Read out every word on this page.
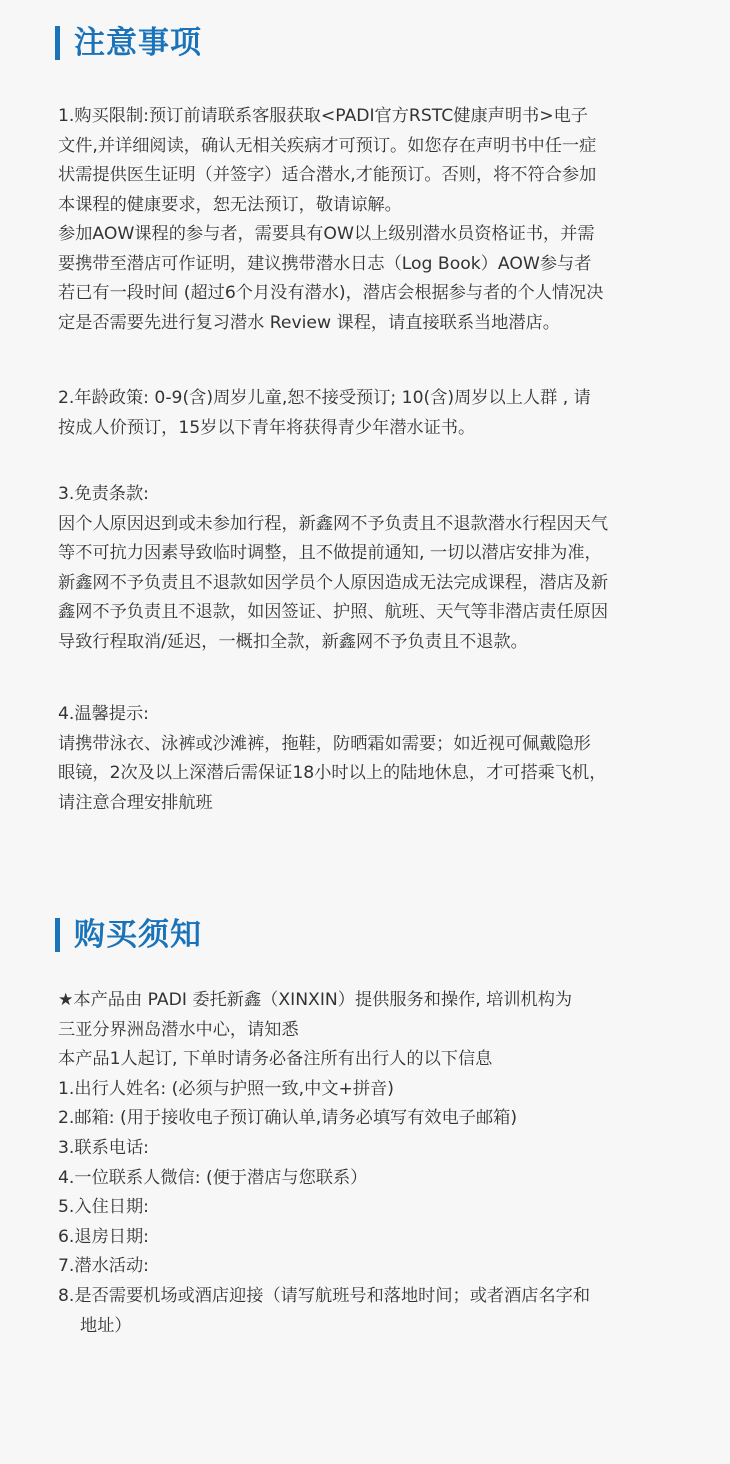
注意事项
1.购买限制:预订前请联系客服获取<PADI官方RSTC健康声明书>电子
文件,并详细阅读，确认无相关疾病才可预订。如您存在声明书中任一症
状需提供医生证明（并签字）适合潜水,才能预订。否则，将不符合参加
本课程的健康要求，恕无法预订，敬请谅解。
参加AOW课程的参与者，需要具有OW以上级别潜水员资格证书，并需
要携带至潜店可作证明，建议携带潜水日志（Log Book）AOW参与者
若已有一段时间 (超过6个月没有潜水)，潜店会根据参与者的个人情况决
定是否需要先进行复习潜水 Review 课程，请直接联系当地潜店。
2.年龄政策: 0-9(含)周岁儿童,恕不接受预订; 10(含)周岁以上人群 , 请
按成人价预订，15岁以下青年将获得青少年潜水证书。
3.免责条款:
因个人原因迟到或未参加行程，新鑫网不予负责且不退款潜水行程因天气
等不可抗力因素导致临时调整，且不做提前通知, 一切以潜店安排为准，
新鑫网不予负责且不退款如因学员个人原因造成无法完成课程，潜店及新
鑫网不予负责且不退款，如因签证、护照、航班、天气等非潜店责任原因
导致行程取消/延迟，一概扣全款，新鑫网不予负责且不退款。
4.温馨提示:
请携带泳衣、泳裤或沙滩裤，拖鞋，防晒霜如需要；如近视可佩戴隐形
眼镜，2次及以上深潜后需保证18小时以上的陆地休息，才可搭乘飞机，
请注意合理安排航班
购买须知
★本产品由 PADI 委托新鑫（XINXIN）提供服务和操作, 培训机构为
三亚分界洲岛潜水中心，请知悉
本产品1人起订, 下单时请务必备注所有出行人的以下信息
1.出行人姓名: (必须与护照一致,中文+拼音)
2.邮箱: (用于接收电子预订确认单,请务必填写有效电子邮箱)
3.联系电话:
4.一位联系人微信: (便于潜店与您联系）
5.入住日期:
6.退房日期:
7.潜水活动:
8.是否需要机场或酒店迎接（请写航班号和落地时间；或者酒店名字和
地址）
